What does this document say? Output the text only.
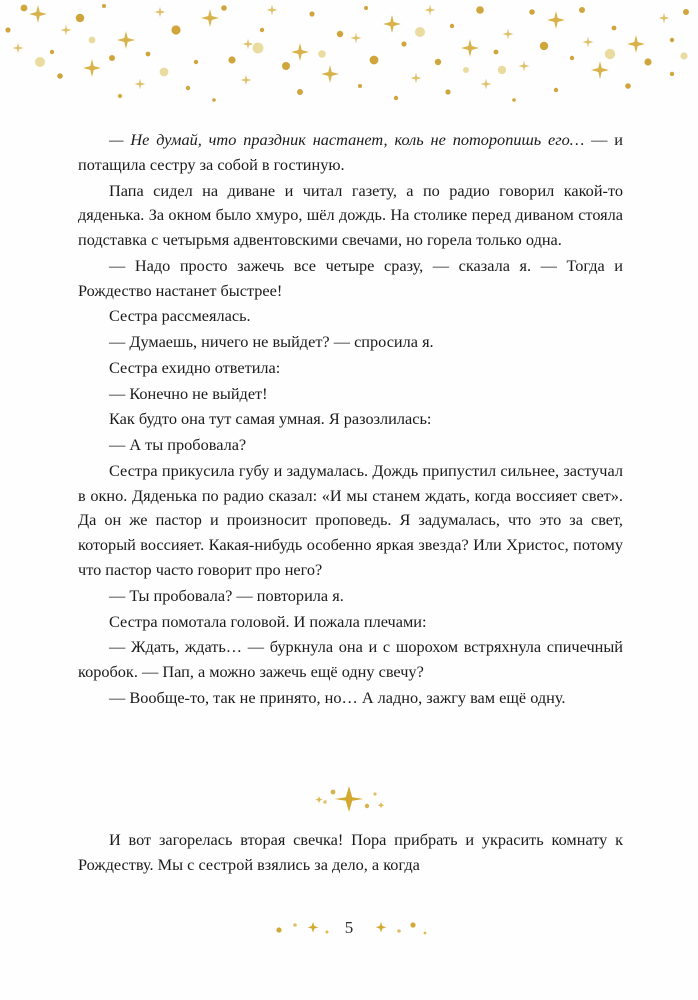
— Не думай, что праздник настанет, коль не поторопишь его… — и потащила сестру за собой в гостиную.

Папа сидел на диване и читал газету, а по радио говорил какой-то дяденька. За окном было хмуро, шёл дождь. На столике перед диваном стояла подставка с четырьмя адвентовскими свечами, но горела только одна.

— Надо просто зажечь все четыре сразу, — сказала я. — Тогда и Рождество настанет быстрее!

Сестра рассмеялась.

— Думаешь, ничего не выйдет? — спросила я.

Сестра ехидно ответила:

— Конечно не выйдет!

Как будто она тут самая умная. Я разозлилась:

— А ты пробовала?

Сестра прикусила губу и задумалась. Дождь припустил сильнее, застучал в окно. Дяденька по радио сказал: «И мы станем ждать, когда воссияет свет». Да он же пастор и произносит проповедь. Я задумалась, что это за свет, который воссияет. Какая-нибудь особенно яркая звезда? Или Христос, потому что пастор часто говорит про него?

— Ты пробовала? — повторила я.

Сестра помотала головой. И пожала плечами:

— Ждать, ждать… — буркнула она и с шорохом встряхнула спичечный коробок. — Пап, а можно зажечь ещё одну свечу?

— Вообще-то, так не принято, но… А ладно, зажгу вам ещё одну.

И вот загорелась вторая свечка! Пора прибрать и украсить комнату к Рождеству. Мы с сестрой взялись за дело, а когда

5
